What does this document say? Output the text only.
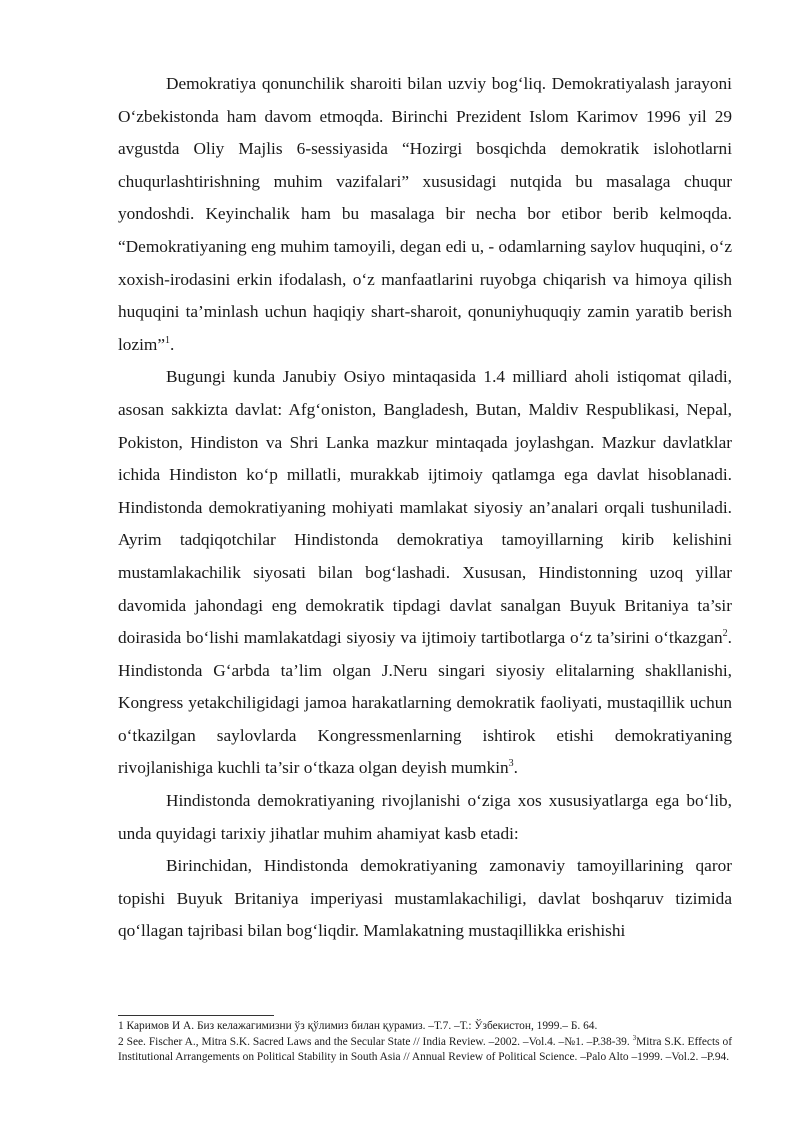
Demokratiya qonunchilik sharoiti bilan uzviy bog‘liq. Demokratiyalash jarayoni O‘zbekistonda ham davom etmoqda. Birinchi Prezident Islom Karimov 1996 yil 29 avgustda Oliy Majlis 6-sessiyasida “Hozirgi bosqichda demokratik islohotlarni chuqurlashtirishning muhim vazifalari” xususidagi nutqida bu masalaga chuqur yondoshdi. Keyinchalik ham bu masalaga bir necha bor etibor berib kelmoqda. “Demokratiyaning eng muhim tamoyili, degan edi u, - odamlarning saylov huquqini, o‘z xoxish-irodasini erkin ifodalash, o‘z manfaatlarini ruyobga chiqarish va himoya qilish huquqini ta’minlash uchun haqiqiy shart-sharoit, qonuniyhuquqiy zamin yaratib berish lozim”$^1$.

Bugungi kunda Janubiy Osiyo mintaqasida 1.4 milliard aholi istiqomat qiladi, asosan sakkizta davlat: Afg‘oniston, Bangladesh, Butan, Maldiv Respublikasi, Nepal, Pokiston, Hindiston va Shri Lanka mazkur mintaqada joylashgan. Mazkur davlatklar ichida Hindiston ko‘p millatli, murakkab ijtimoiy qatlamga ega davlat hisoblanadi. Hindistonda demokratiyaning mohiyati mamlakat siyosiy an’analari orqali tushuniladi. Ayrim tadqiqotchilar Hindistonda demokratiya tamoyillarning kirib kelishini mustamlakachilik siyosati bilan bog‘lashadi. Xususan, Hindistonning uzoq yillar davomida jahondagi eng demokratik tipdagi davlat sanalgan Buyuk Britaniya ta’sir doirasida bo‘lishi mamlakatdagi siyosiy va ijtimoiy tartibotlarga o‘z ta’sirini o‘tkazgan$^2$. Hindistonda G‘arbda ta’lim olgan J.Neru singari siyosiy elitalarning shakllanishi, Kongress yetakchiligidagi jamoa harakatlarning demokratik faoliyati, mustaqillik uchun o‘tkazilgan saylovlarda Kongressmenlarning ishtirok etishi demokratiyaning rivojlanishiga kuchli ta’sir o‘tkaza olgan deyish mumkin$^3$.

Hindistonda demokratiyaning rivojlanishi o‘ziga xos xususiyatlarga ega bo‘lib, unda quyidagi tarixiy jihatlar muhim ahamiyat kasb etadi:

Birinchidan, Hindistonda demokratiyaning zamonaviy tamoyillarining qaror topishi Buyuk Britaniya imperiyasi mustamlakachiligi, davlat boshqaruv tizimida qo‘llagan tajribasi bilan bog‘liqdir. Mamlakatning mustaqillikka erishishi

1 Каримов И А. Биз келажагимизни ўз қўлимиз билан қурамиз. –Т.7. –Т.: Ўзбекистон, 1999.– Б. 64.

2 See. Fischer A., Mitra S.K. Sacred Laws and the Secular State // India Review. –2002. –Vol.4. –№1. –P.38-39. $^3$Mitra S.K. Effects of Institutional Arrangements on Political Stability in South Asia // Annual Review of Political Science. –Palo Alto –1999. –Vol.2. –P.94.
